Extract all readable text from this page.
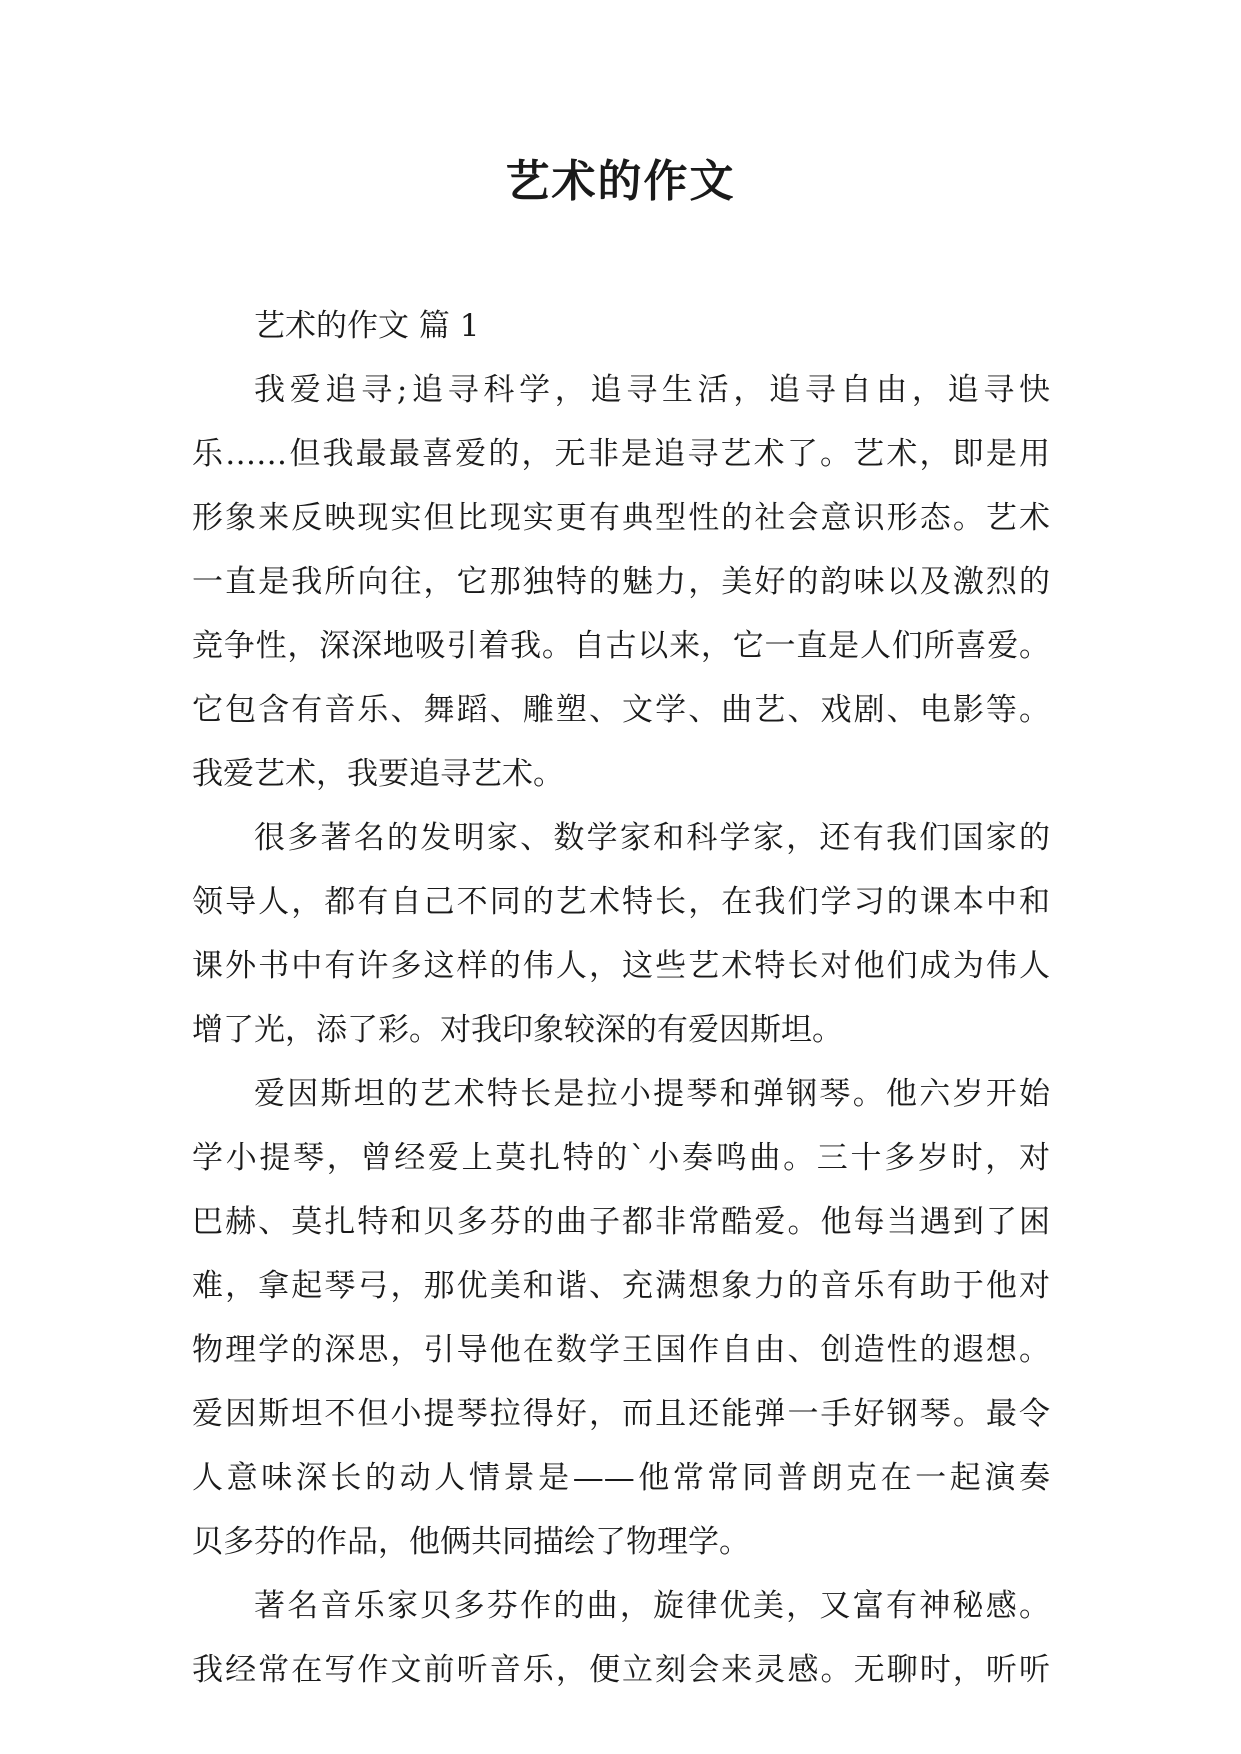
艺术的作文
艺术的作文 篇 1
我爱追寻;追寻科学，追寻生活，追寻自由，追寻快
乐……但我最最喜爱的，无非是追寻艺术了。艺术，即是用
形象来反映现实但比现实更有典型性的社会意识形态。艺术
一直是我所向往，它那独特的魅力，美好的韵味以及激烈的
竞争性，深深地吸引着我。自古以来，它一直是人们所喜爱。
它包含有音乐、舞蹈、雕塑、文学、曲艺、戏剧、电影等。
我爱艺术，我要追寻艺术。
很多著名的发明家、数学家和科学家，还有我们国家的
领导人，都有自己不同的艺术特长，在我们学习的课本中和
课外书中有许多这样的伟人，这些艺术特长对他们成为伟人
增了光，添了彩。对我印象较深的有爱因斯坦。
爱因斯坦的艺术特长是拉小提琴和弹钢琴。他六岁开始
学小提琴，曾经爱上莫扎特的`小奏鸣曲。三十多岁时，对
巴赫、莫扎特和贝多芬的曲子都非常酷爱。他每当遇到了困
难，拿起琴弓，那优美和谐、充满想象力的音乐有助于他对
物理学的深思，引导他在数学王国作自由、创造性的遐想。
爱因斯坦不但小提琴拉得好，而且还能弹一手好钢琴。最令
人意味深长的动人情景是——他常常同普朗克在一起演奏
贝多芬的作品，他俩共同描绘了物理学。
著名音乐家贝多芬作的曲，旋律优美，又富有神秘感。
我经常在写作文前听音乐，便立刻会来灵感。无聊时，听听
